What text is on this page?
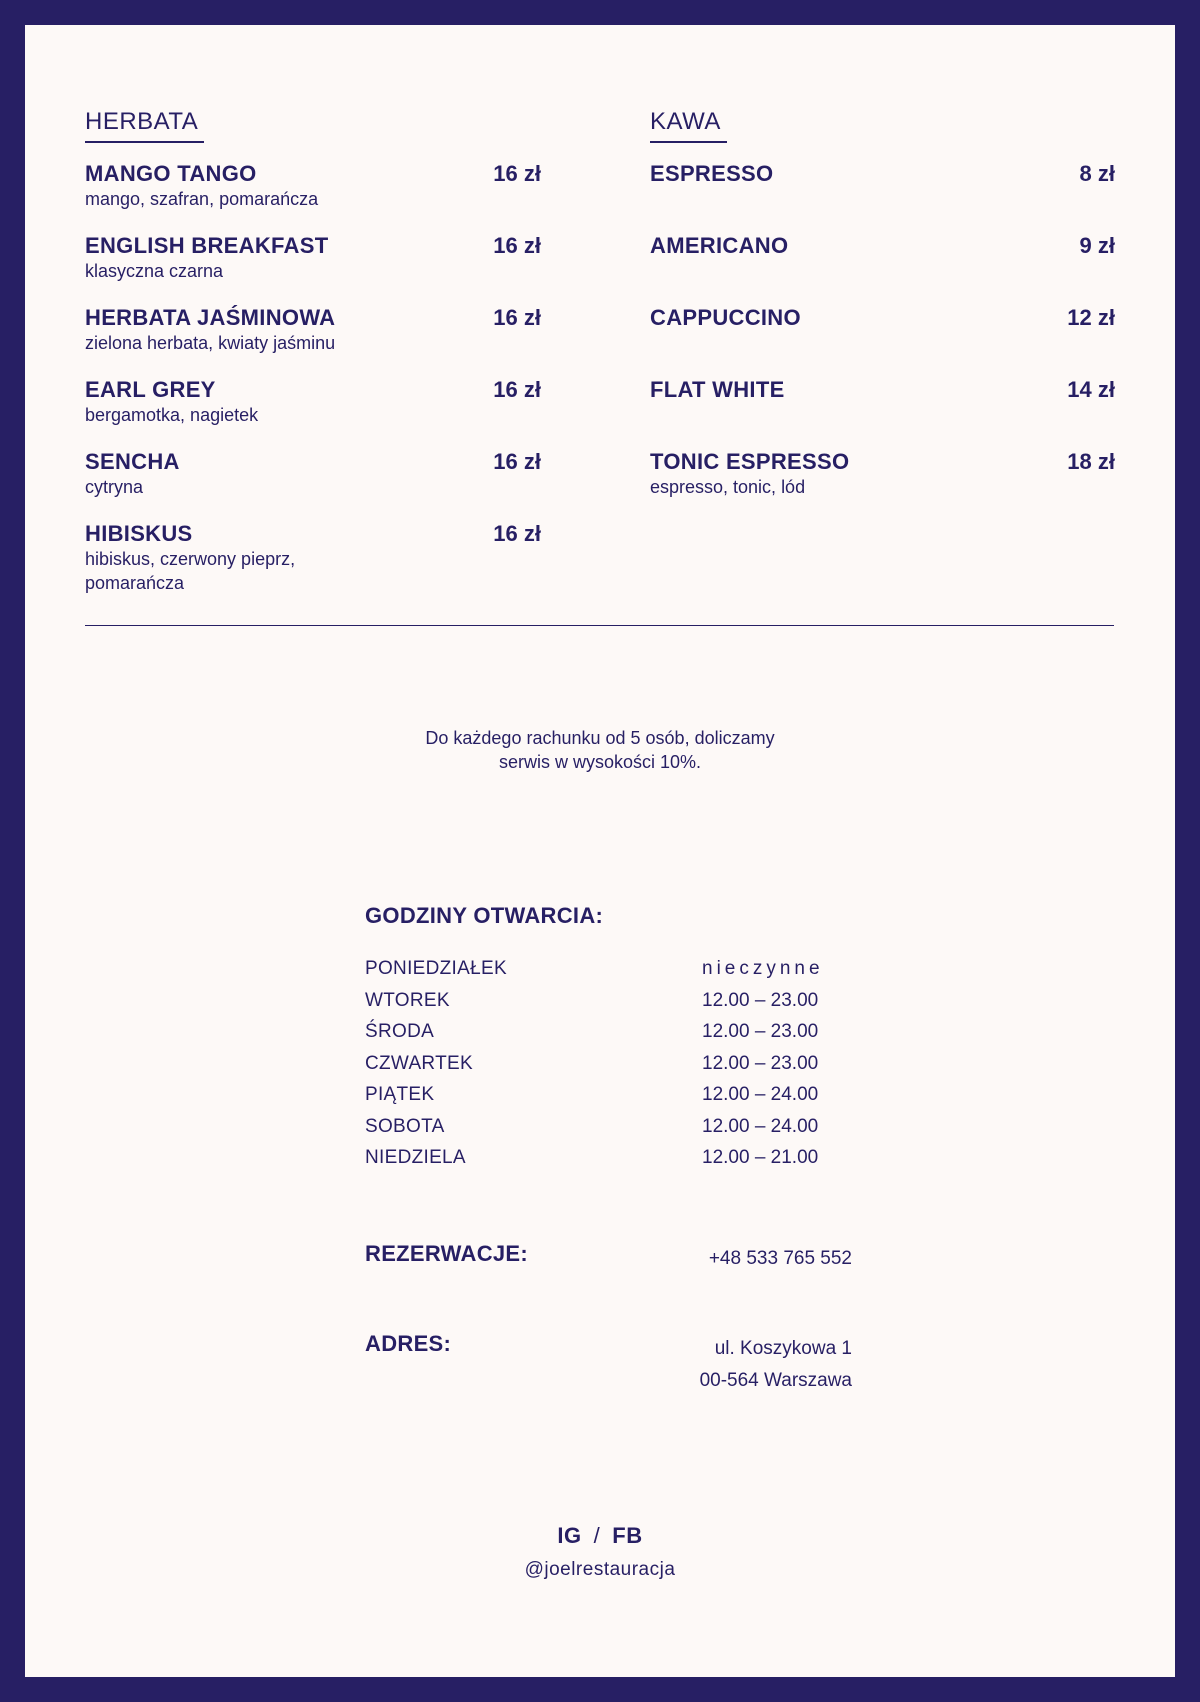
HERBATA
MANGO TANGO	16 zł
mango, szafran, pomarańcza
ENGLISH BREAKFAST	16 zł
klasyczna czarna
HERBATA JAŚMINOWA	16 zł
zielona herbata, kwiaty jaśminu
EARL GREY	16 zł
bergamotka, nagietek
SENCHA	16 zł
cytryna
HIBISKUS	16 zł
hibiskus, czerwony pieprz, pomarańcza
KAWA
ESPRESSO	8 zł
AMERICANO	9 zł
CAPPUCCINO	12 zł
FLAT WHITE	14 zł
TONIC ESPRESSO	18 zł
espresso, tonic, lód
Do każdego rachunku od 5 osób, doliczamy
serwis w wysokości 10%.
GODZINY OTWARCIA:
PONIEDZIAŁEK	nieczynne
WTOREK	12.00 – 23.00
ŚRODA	12.00 – 23.00
CZWARTEK	12.00 – 23.00
PIĄTEK	12.00 – 24.00
SOBOTA	12.00 – 24.00
NIEDZIELA	12.00 – 21.00
REZERWACJE:	+48 533 765 552
ADRES:	ul. Koszykowa 1
00-564 Warszawa
IG / FB
@joelrestauracja
